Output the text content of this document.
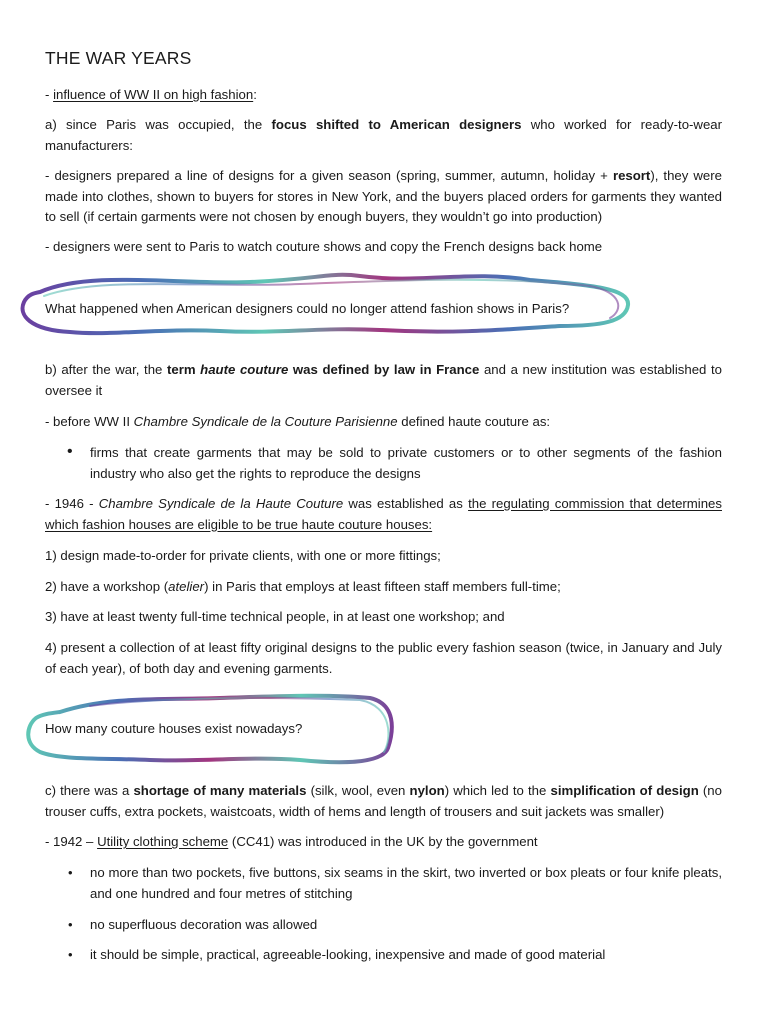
THE WAR YEARS

- influence of WW II on high fashion:

a) since Paris was occupied, the focus shifted to American designers who worked for ready-to-wear manufacturers:

- designers prepared a line of designs for a given season (spring, summer, autumn, holiday + resort), they were made into clothes, shown to buyers for stores in New York, and the buyers placed orders for garments they wanted to sell (if certain garments were not chosen by enough buyers, they wouldn’t go into production)

- designers were sent to Paris to watch couture shows and copy the French designs back home

What happened when American designers could no longer attend fashion shows in Paris?

b) after the war, the term haute couture was defined by law in France and a new institution was established to oversee it

- before WW II Chambre Syndicale de la Couture Parisienne defined haute couture as:

• firms that create garments that may be sold to private customers or to other segments of the fashion industry who also get the rights to reproduce the designs

- 1946 - Chambre Syndicale de la Haute Couture was established as the regulating commission that determines which fashion houses are eligible to be true haute couture houses:

1) design made-to-order for private clients, with one or more fittings;

2) have a workshop (atelier) in Paris that employs at least fifteen staff members full-time;

3) have at least twenty full-time technical people, in at least one workshop; and

4) present a collection of at least fifty original designs to the public every fashion season (twice, in January and July of each year), of both day and evening garments.

How many couture houses exist nowadays?

c) there was a shortage of many materials (silk, wool, even nylon) which led to the simplification of design (no trouser cuffs, extra pockets, waistcoats, width of hems and length of trousers and suit jackets was smaller)

- 1942 – Utility clothing scheme (CC41) was introduced in the UK by the government

• no more than two pockets, five buttons, six seams in the skirt, two inverted or box pleats or four knife pleats, and one hundred and four metres of stitching

• no superfluous decoration was allowed

• it should be simple, practical, agreeable-looking, inexpensive and made of good material
